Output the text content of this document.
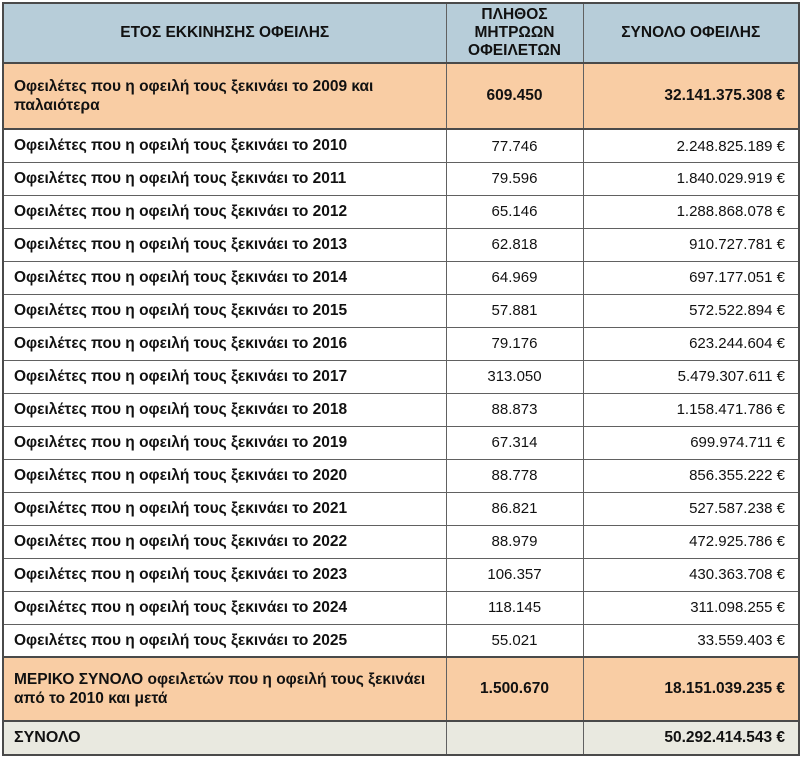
ΕΤΟΣ ΕΚΚΙΝΗΣΗΣ ΟΦΕΙΛΗΣ	ΠΛΗΘΟΣ ΜΗΤΡΩΩΝ ΟΦΕΙΛΕΤΩΝ	ΣΥΝΟΛΟ ΟΦΕΙΛΗΣ
Οφειλέτες που η οφειλή τους ξεκινάει το 2009 και παλαιότερα	609.450	32.141.375.308 €
Οφειλέτες που η οφειλή τους ξεκινάει το 2010	77.746	2.248.825.189 €
Οφειλέτες που η οφειλή τους ξεκινάει το 2011	79.596	1.840.029.919 €
Οφειλέτες που η οφειλή τους ξεκινάει το 2012	65.146	1.288.868.078 €
Οφειλέτες που η οφειλή τους ξεκινάει το 2013	62.818	910.727.781 €
Οφειλέτες που η οφειλή τους ξεκινάει το 2014	64.969	697.177.051 €
Οφειλέτες που η οφειλή τους ξεκινάει το 2015	57.881	572.522.894 €
Οφειλέτες που η οφειλή τους ξεκινάει το 2016	79.176	623.244.604 €
Οφειλέτες που η οφειλή τους ξεκινάει το 2017	313.050	5.479.307.611 €
Οφειλέτες που η οφειλή τους ξεκινάει το 2018	88.873	1.158.471.786 €
Οφειλέτες που η οφειλή τους ξεκινάει το 2019	67.314	699.974.711 €
Οφειλέτες που η οφειλή τους ξεκινάει το 2020	88.778	856.355.222 €
Οφειλέτες που η οφειλή τους ξεκινάει το 2021	86.821	527.587.238 €
Οφειλέτες που η οφειλή τους ξεκινάει το 2022	88.979	472.925.786 €
Οφειλέτες που η οφειλή τους ξεκινάει το 2023	106.357	430.363.708 €
Οφειλέτες που η οφειλή τους ξεκινάει το 2024	118.145	311.098.255 €
Οφειλέτες που η οφειλή τους ξεκινάει το 2025	55.021	33.559.403 €
ΜΕΡΙΚΟ ΣΥΝΟΛΟ οφειλετών που η οφειλή τους ξεκινάει από το 2010 και μετά	1.500.670	18.151.039.235 €
ΣΥΝΟΛΟ		50.292.414.543 €
